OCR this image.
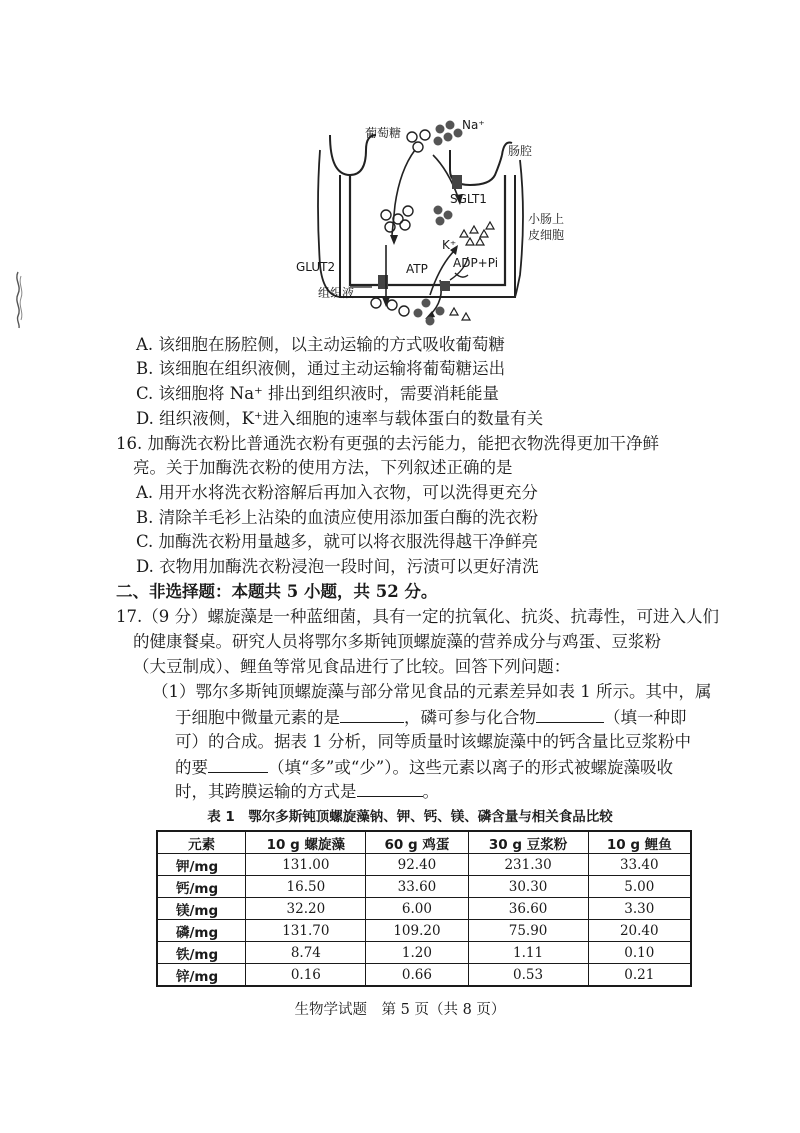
葡萄糖
Na⁺
肠腔
SGLT1
小肠上
皮细胞
K⁺
ATP ADP+Pi
GLUT2
组织液
A. 该细胞在肠腔侧，以主动运输的方式吸收葡萄糖
B. 该细胞在组织液侧，通过主动运输将葡萄糖运出
C. 该细胞将 Na⁺ 排出到组织液时，需要消耗能量
D. 组织液侧，K⁺进入细胞的速率与载体蛋白的数量有关
16. 加酶洗衣粉比普通洗衣粉有更强的去污能力，能把衣物洗得更加干净鲜
亮。关于加酶洗衣粉的使用方法，下列叙述正确的是
A. 用开水将洗衣粉溶解后再加入衣物，可以洗得更充分
B. 清除羊毛衫上沾染的血渍应使用添加蛋白酶的洗衣粉
C. 加酶洗衣粉用量越多，就可以将衣服洗得越干净鲜亮
D. 衣物用加酶洗衣粉浸泡一段时间，污渍可以更好清洗
二、非选择题：本题共 5 小题，共 52 分。
17.（9 分）螺旋藻是一种蓝细菌，具有一定的抗氧化、抗炎、抗毒性，可进入人们
的健康餐桌。研究人员将鄂尔多斯钝顶螺旋藻的营养成分与鸡蛋、豆浆粉
（大豆制成）、鲤鱼等常见食品进行了比较。回答下列问题：
（1）鄂尔多斯钝顶螺旋藻与部分常见食品的元素差异如表 1 所示。其中，属
于细胞中微量元素的是	，磷可参与化合物	（填一种即
可）的合成。据表 1 分析，同等质量时该螺旋藻中的钙含量比豆浆粉中
的要	（填“多”或“少”）。这些元素以离子的形式被螺旋藻吸收
时，其跨膜运输的方式是	。
表 1　鄂尔多斯钝顶螺旋藻钠、钾、钙、镁、磷含量与相关食品比较
元素	10 g 螺旋藻	60 g 鸡蛋	30 g 豆浆粉	10 g 鲤鱼
钾/mg	131.00	92.40	231.30	33.40
钙/mg	16.50	33.60	30.30	5.00
镁/mg	32.20	6.00	36.60	3.30
磷/mg	131.70	109.20	75.90	20.40
铁/mg	8.74	1.20	1.11	0.10
锌/mg	0.16	0.66	0.53	0.21
生物学试题　第 5 页（共 8 页）
